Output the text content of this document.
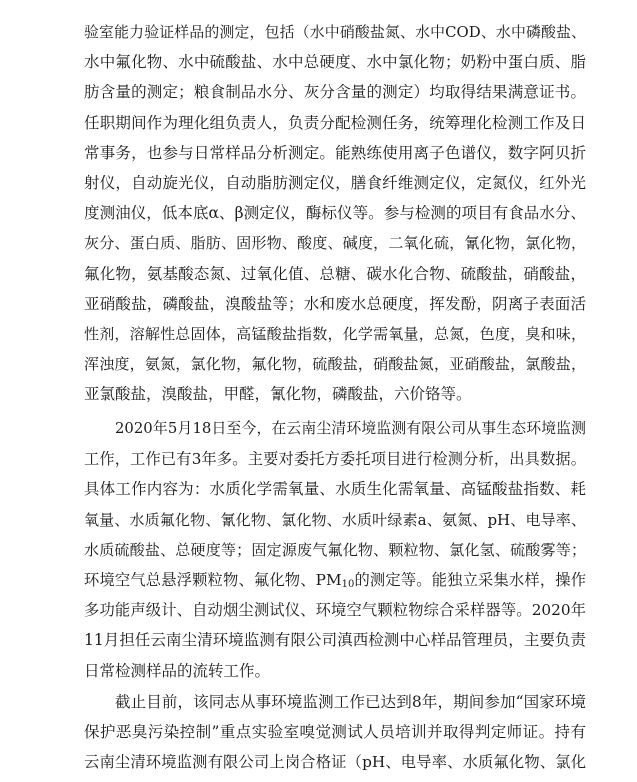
验室能力验证样品的测定，包括（水中硝酸盐氮、水中COD、水中磷酸盐、
水中氟化物、水中硫酸盐、水中总硬度、水中氯化物；奶粉中蛋白质、脂
肪含量的测定；粮食制品水分、灰分含量的测定）均取得结果满意证书。
任职期间作为理化组负责人，负责分配检测任务，统筹理化检测工作及日
常事务，也参与日常样品分析测定。能熟练使用离子色谱仪，数字阿贝折
射仪，自动旋光仪，自动脂肪测定仪，膳食纤维测定仪，定氮仪，红外光
度测油仪，低本底α、β测定仪，酶标仪等。参与检测的项目有食品水分、
灰分、蛋白质、脂肪、固形物、酸度、碱度，二氧化硫，氰化物，氯化物，
氟化物，氨基酸态氮、过氧化值、总糖、碳水化合物、硫酸盐，硝酸盐，
亚硝酸盐，磷酸盐，溴酸盐等；水和废水总硬度，挥发酚，阴离子表面活
性剂，溶解性总固体，高锰酸盐指数，化学需氧量，总氮，色度，臭和味，
浑浊度，氨氮，氯化物，氟化物，硫酸盐，硝酸盐氮，亚硝酸盐，氯酸盐，
亚氯酸盐，溴酸盐，甲醛，氰化物，磷酸盐，六价铬等。
2020年5月18日至今，在云南尘清环境监测有限公司从事生态环境监测
工作，工作已有3年多。主要对委托方委托项目进行检测分析，出具数据。
具体工作内容为：水质化学需氧量、水质生化需氧量、高锰酸盐指数、耗
氧量、水质氟化物、氰化物、氯化物、水质叶绿素a、氨氮、pH、电导率、
水质硫酸盐、总硬度等；固定源废气氟化物、颗粒物、氯化氢、硫酸雾等；
环境空气总悬浮颗粒物、氟化物、$PM_{10}$的测定等。能独立采集水样，操作
多功能声级计、自动烟尘测试仪、环境空气颗粒物综合采样器等。2020年
11月担任云南尘清环境监测有限公司滇西检测中心样品管理员，主要负责
日常检测样品的流转工作。
截止目前，该同志从事环境监测工作已达到8年，期间参加“国家环境
保护恶臭污染控制”重点实验室嗅觉测试人员培训并取得判定师证。持有
云南尘清环境监测有限公司上岗合格证（pH、电导率、水质氟化物、氯化
